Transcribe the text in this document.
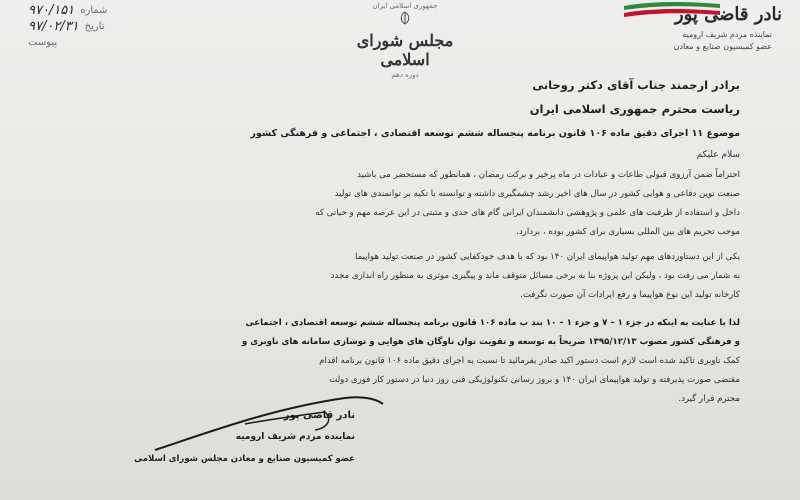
شماره
۹۷۰/۱۵۱
تاریخ
۹۷/۰۲/۳۱
پیوست
جمهوری اسلامی ایران
مجلس شورای اسلامی
دوره دهم
نادر قاضی پور
نماینده مردم شریف ارومیه
عضو کمیسیون صنایع و معادن
برادر ارجمند جناب آقای دکتر روحانی
ریاست محترم جمهوری اسلامی ایران
موضوع ۱۱ اجرای دقیق ماده ۱۰۶ قانون برنامه پنجساله ششم توسعه اقتصادی ، اجتماعی و فرهنگی کشور
سلام علیکم
احتراماً ضمن آرزوی قبولی طاعات و عبادات در ماه پرخیر و برکت رمضان ، همانطور که مستحضر می باشید
صنعت نوین دفاعی و هوایی کشور در سال های اخیر رشد چشمگیری داشته و توانسته با تکیه بر توانمندی های تولید
داخل و استفاده از ظرفیت های علمی و پژوهشی دانشمندان ایرانی گام های جدی و مثبتی در این عرصه مهم و حیاتی که
موجب تحریم های بین المللی بسیاری برای کشور بوده ، بردارد.
یکی از این دستاوردهای مهم تولید هواپیمای ایران ۱۴۰ بود که با هدف خودکفایی کشور در صنعت تولید هواپیما
به شمار می رفت بود ، ولیکن این پروژه بنا به برخی مسائل متوقف ماند و پیگیری موثری به منظور راه اندازی مجدد
کارخانه تولید این نوع هواپیما و رفع ایرادات آن صورت نگرفت.
لذا با عنایت به اینکه در جزء ۱ – ۷ و جزء ۱ – ۱۰ بند ب ماده ۱۰۶ قانون برنامه پنجساله ششم توسعه اقتصادی ، اجتماعی
و فرهنگی کشور مصوب ۱۳۹۵/۱۲/۱۳ صریحاً به توسعه و تقویت توان ناوگان های هوایی و نوسازی سامانه های ناوبری و
کمک ناوبری تاکید شده است لازم است دستور اکید صادر بفرمائید تا نسبت به اجرای دقیق ماده ۱۰۶ قانون برنامه اقدام
مقتضی صورت پذیرفته و تولید هواپیمای ایران ۱۴۰ و بروز رسانی تکنولوژیکی فنی روز دنیا در دستور کار فوری دولت
محترم قرار گیرد.
نادر قاضی پور
نماینده مردم شریف ارومیه
عضو کمیسیون صنایع و معادن مجلس شورای اسلامی
